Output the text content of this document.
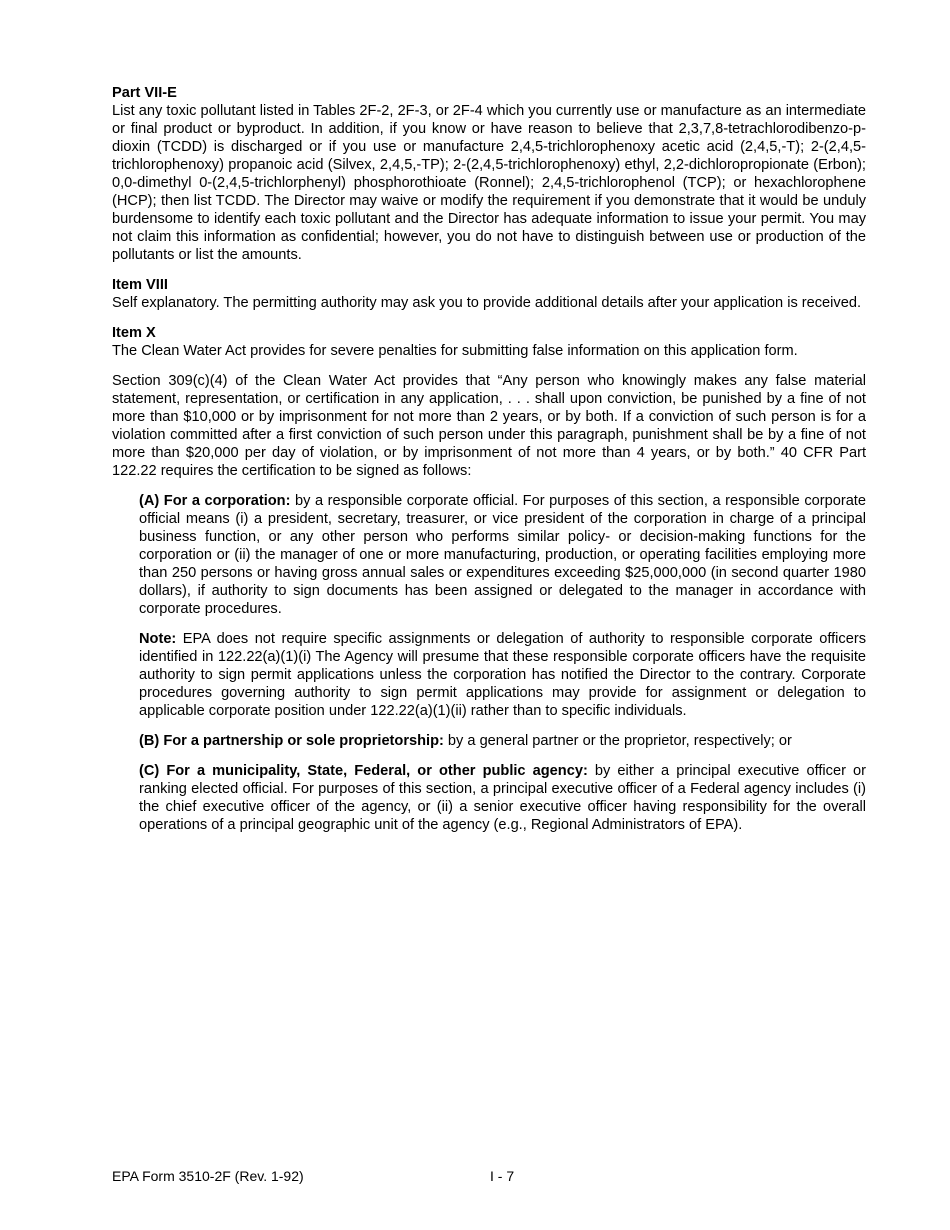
Part VII-E

List any toxic pollutant listed in Tables 2F-2, 2F-3, or 2F-4 which you currently use or manufacture as an intermediate or final product or byproduct. In addition, if you know or have reason to believe that 2,3,7,8-tetrachlorodibenzo-p-dioxin (TCDD) is discharged or if you use or manufacture 2,4,5-trichlorophenoxy acetic acid (2,4,5,-T); 2-(2,4,5-trichlorophenoxy) propanoic acid (Silvex, 2,4,5,-TP); 2-(2,4,5-trichlorophenoxy) ethyl, 2,2-dichloropropionate (Erbon); 0,0-dimethyl 0-(2,4,5-trichlorphenyl) phosphorothioate (Ronnel); 2,4,5-trichlorophenol (TCP); or hexachlorophene (HCP); then list TCDD. The Director may waive or modify the requirement if you demonstrate that it would be unduly burdensome to identify each toxic pollutant and the Director has adequate information to issue your permit. You may not claim this information as confidential; however, you do not have to distinguish between use or production of the pollutants or list the amounts.

Item VIII

Self explanatory. The permitting authority may ask you to provide additional details after your application is received.

Item X

The Clean Water Act provides for severe penalties for submitting false information on this application form.

Section 309(c)(4) of the Clean Water Act provides that “Any person who knowingly makes any false material statement, representation, or certification in any application, . . . shall upon conviction, be punished by a fine of not more than $10,000 or by imprisonment for not more than 2 years, or by both. If a conviction of such person is for a violation committed after a first conviction of such person under this paragraph, punishment shall be by a fine of not more than $20,000 per day of violation, or by imprisonment of not more than 4 years, or by both.” 40 CFR Part 122.22 requires the certification to be signed as follows:

(A) For a corporation: by a responsible corporate official. For purposes of this section, a responsible corporate official means (i) a president, secretary, treasurer, or vice president of the corporation in charge of a principal business function, or any other person who performs similar policy- or decision-making functions for the corporation or (ii) the manager of one or more manufacturing, production, or operating facilities employing more than 250 persons or having gross annual sales or expenditures exceeding $25,000,000 (in second quarter 1980 dollars), if authority to sign documents has been assigned or delegated to the manager in accordance with corporate procedures.

Note: EPA does not require specific assignments or delegation of authority to responsible corporate officers identified in 122.22(a)(1)(i) The Agency will presume that these responsible corporate officers have the requisite authority to sign permit applications unless the corporation has notified the Director to the contrary. Corporate procedures governing authority to sign permit applications may provide for assignment or delegation to applicable corporate position under 122.22(a)(1)(ii) rather than to specific individuals.

(B) For a partnership or sole proprietorship: by a general partner or the proprietor, respectively; or

(C) For a municipality, State, Federal, or other public agency: by either a principal executive officer or ranking elected official. For purposes of this section, a principal executive officer of a Federal agency includes (i) the chief executive officer of the agency, or (ii) a senior executive officer having responsibility for the overall operations of a principal geographic unit of the agency (e.g., Regional Administrators of EPA).

EPA Form 3510-2F (Rev. 1-92)	I - 7
